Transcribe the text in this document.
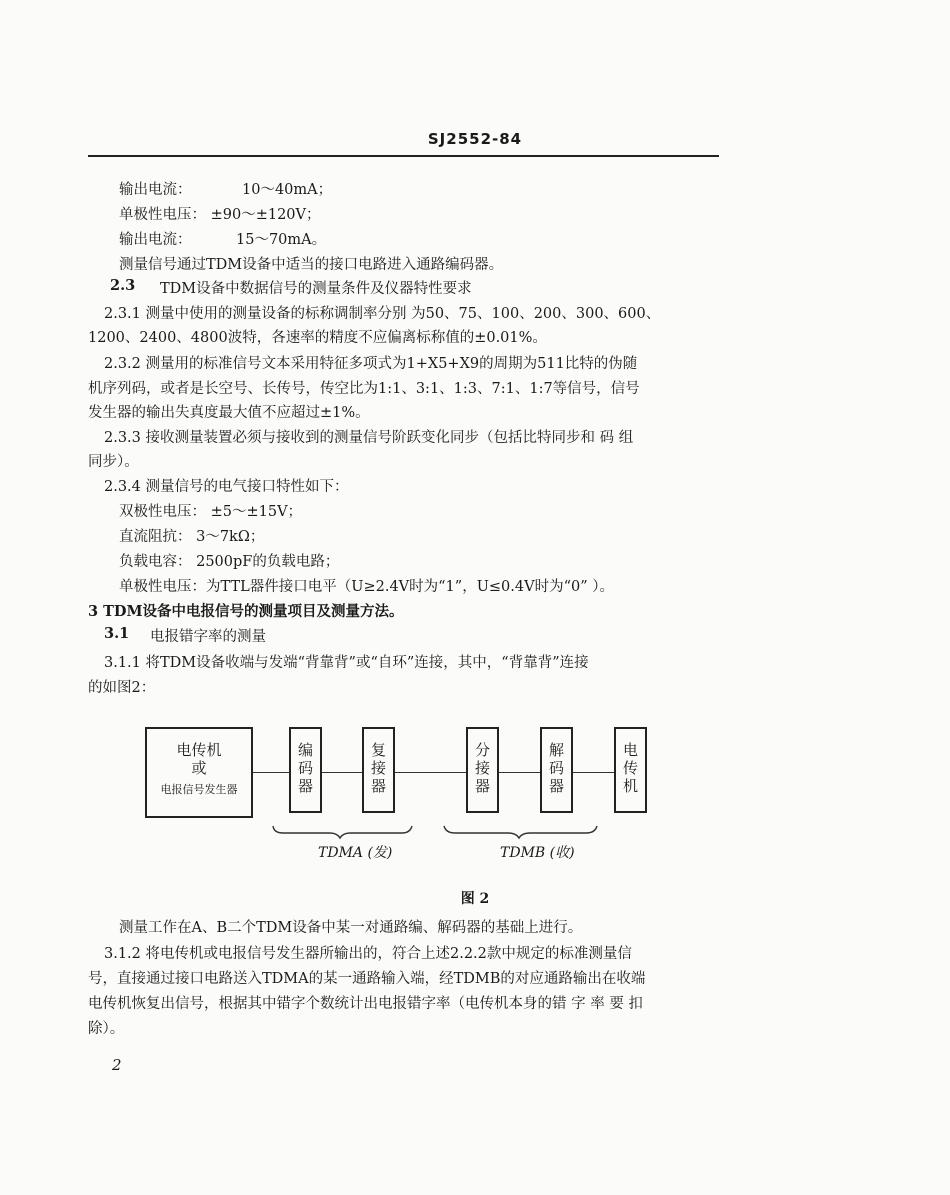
SJ2552-84
输出电流：	10～40mA；
单极性电压： ±90～±120V；
输出电流：	15～70mA。
测量信号通过TDM设备中适当的接口电路进入通路编码器。
2.3 TDM设备中数据信号的测量条件及仪器特性要求
2.3.1 测量中使用的测量设备的标称调制率分别 为50、75、100、200、300、600、
1200、2400、4800波特，各速率的精度不应偏离标称值的±0.01%。
2.3.2 测量用的标准信号文本采用特征多项式为1+X5+X9的周期为511比特的伪随
机序列码，或者是长空号、长传号，传空比为1:1、3:1、1:3、7:1、1:7等信号，信号
发生器的输出失真度最大值不应超过±1%。
2.3.3 接收测量装置必须与接收到的测量信号阶跃变化同步（包括比特同步和 码 组
同步）。
2.3.4 测量信号的电气接口特性如下：
双极性电压： ±5～±15V；
直流阻抗： 3～7kΩ；
负载电容： 2500pF的负载电路；
单极性电压：为TTL器件接口电平（U≥2.4V时为“1”，U≤0.4V时为“0” ）。
3 TDM设备中电报信号的测量项目及测量方法。
3.1 电报错字率的测量
3.1.1 将TDM设备收端与发端“背靠背”或“自环”连接，其中，“背靠背”连接
的如图2：
电传机
或
电报信号发生器
编码器
复接器
分接器
解码器
电传机
TDMA (发)	TDMB (收)
图 2
测量工作在A、B二个TDM设备中某一对通路编、解码器的基础上进行。
3.1.2 将电传机或电报信号发生器所输出的，符合上述2.2.2款中规定的标准测量信
号，直接通过接口电路送入TDMA的某一通路输入端，经TDMB的对应通路输出在收端
电传机恢复出信号，根据其中错字个数统计出电报错字率（电传机本身的错 字 率 要 扣
除）。
2
